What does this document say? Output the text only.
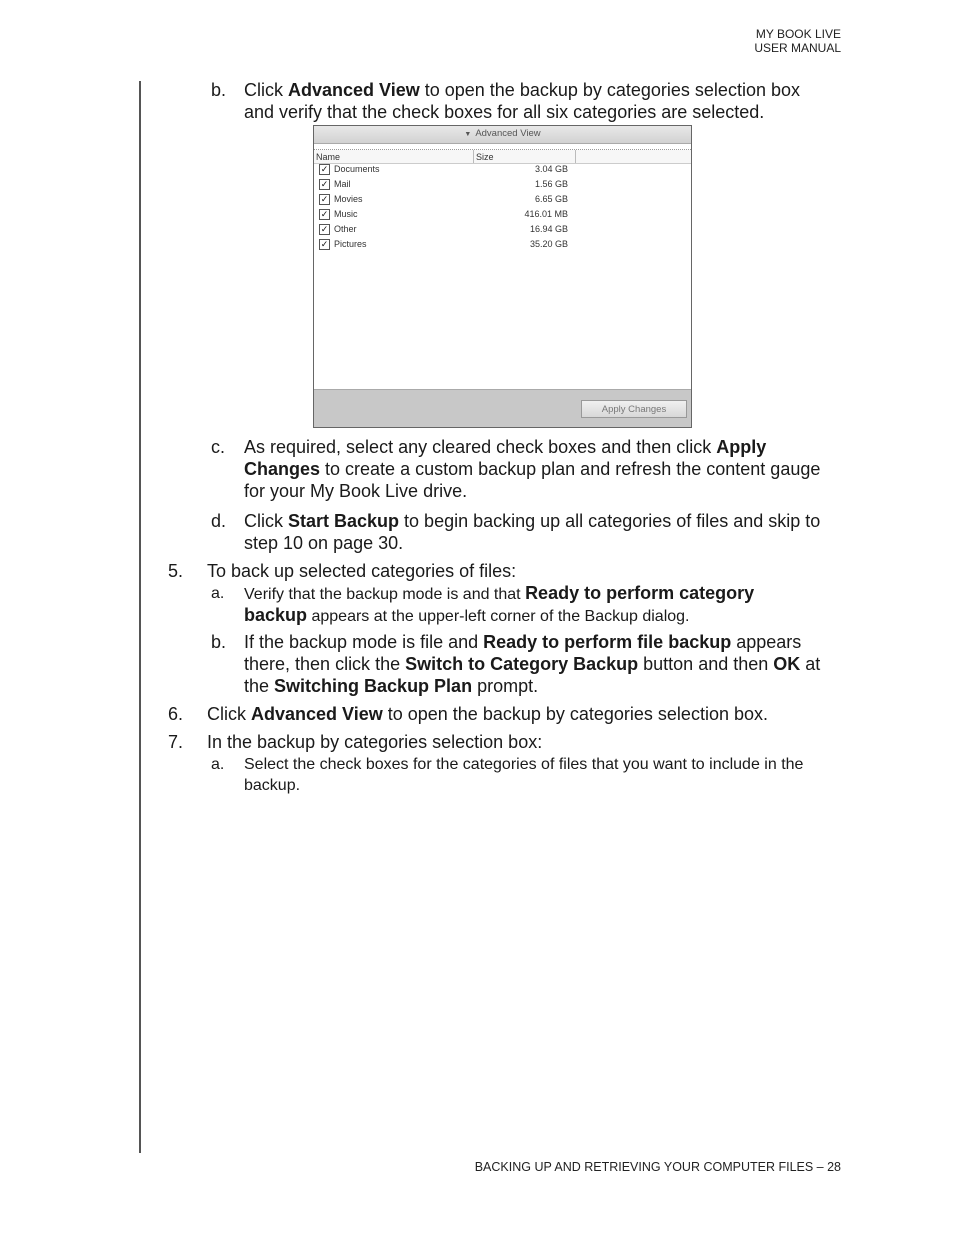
MY BOOK LIVE
USER MANUAL
b. Click Advanced View to open the backup by categories selection box
and verify that the check boxes for all six categories are selected.
▼ Advanced View
Name	Size
✓ Documents	3.04 GB
✓ Mail	1.56 GB
✓ Movies	6.65 GB
✓ Music	416.01 MB
✓ Other	16.94 GB
✓ Pictures	35.20 GB
Apply Changes
c. As required, select any cleared check boxes and then click Apply
Changes to create a custom backup plan and refresh the content gauge
for your My Book Live drive.
d. Click Start Backup to begin backing up all categories of files and skip to
step 10 on page 30.
5. To back up selected categories of files:
a. Verify that the backup mode is and that Ready to perform category
backup appears at the upper-left corner of the Backup dialog.
b. If the backup mode is file and Ready to perform file backup appears
there, then click the Switch to Category Backup button and then OK at
the Switching Backup Plan prompt.
6. Click Advanced View to open the backup by categories selection box.
7. In the backup by categories selection box:
a. Select the check boxes for the categories of files that you want to include in the
backup.
BACKING UP AND RETRIEVING YOUR COMPUTER FILES – 28
